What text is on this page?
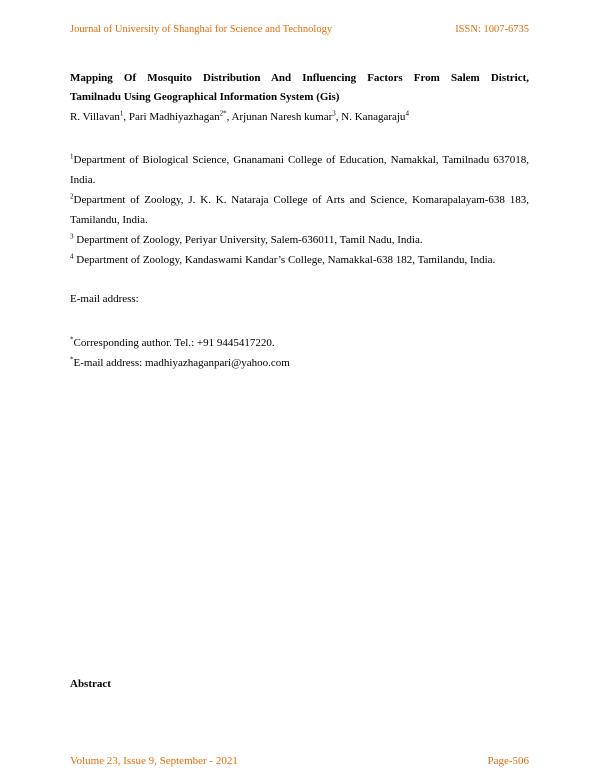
Journal of University of Shanghai for Science and Technology	ISSN: 1007-6735
Mapping Of Mosquito Distribution And Influencing Factors From Salem District,
Tamilnadu Using Geographical Information System (Gis)
R. Villavan$^1$, Pari Madhiyazhagan$^{2*}$, Arjunan Naresh kumar$^3$, N. Kanagaraju$^4$
$^1$Department of Biological Science, Gnanamani College of Education, Namakkal, Tamilnadu 637018, India.
$^2$Department of Zoology, J. K. K. Nataraja College of Arts and Science, Komarapalayam-638 183, Tamilandu, India.
$^3$ Department of Zoology, Periyar University, Salem-636011, Tamil Nadu, India.
$^4$ Department of Zoology, Kandaswami Kandar’s College, Namakkal-638 182, Tamilandu, India.
E-mail address:
*Corresponding author. Tel.: +91 9445417220.
*E-mail address: madhiyazhaganpari@yahoo.com
Abstract
Volume 23, Issue 9, September - 2021	Page-506
